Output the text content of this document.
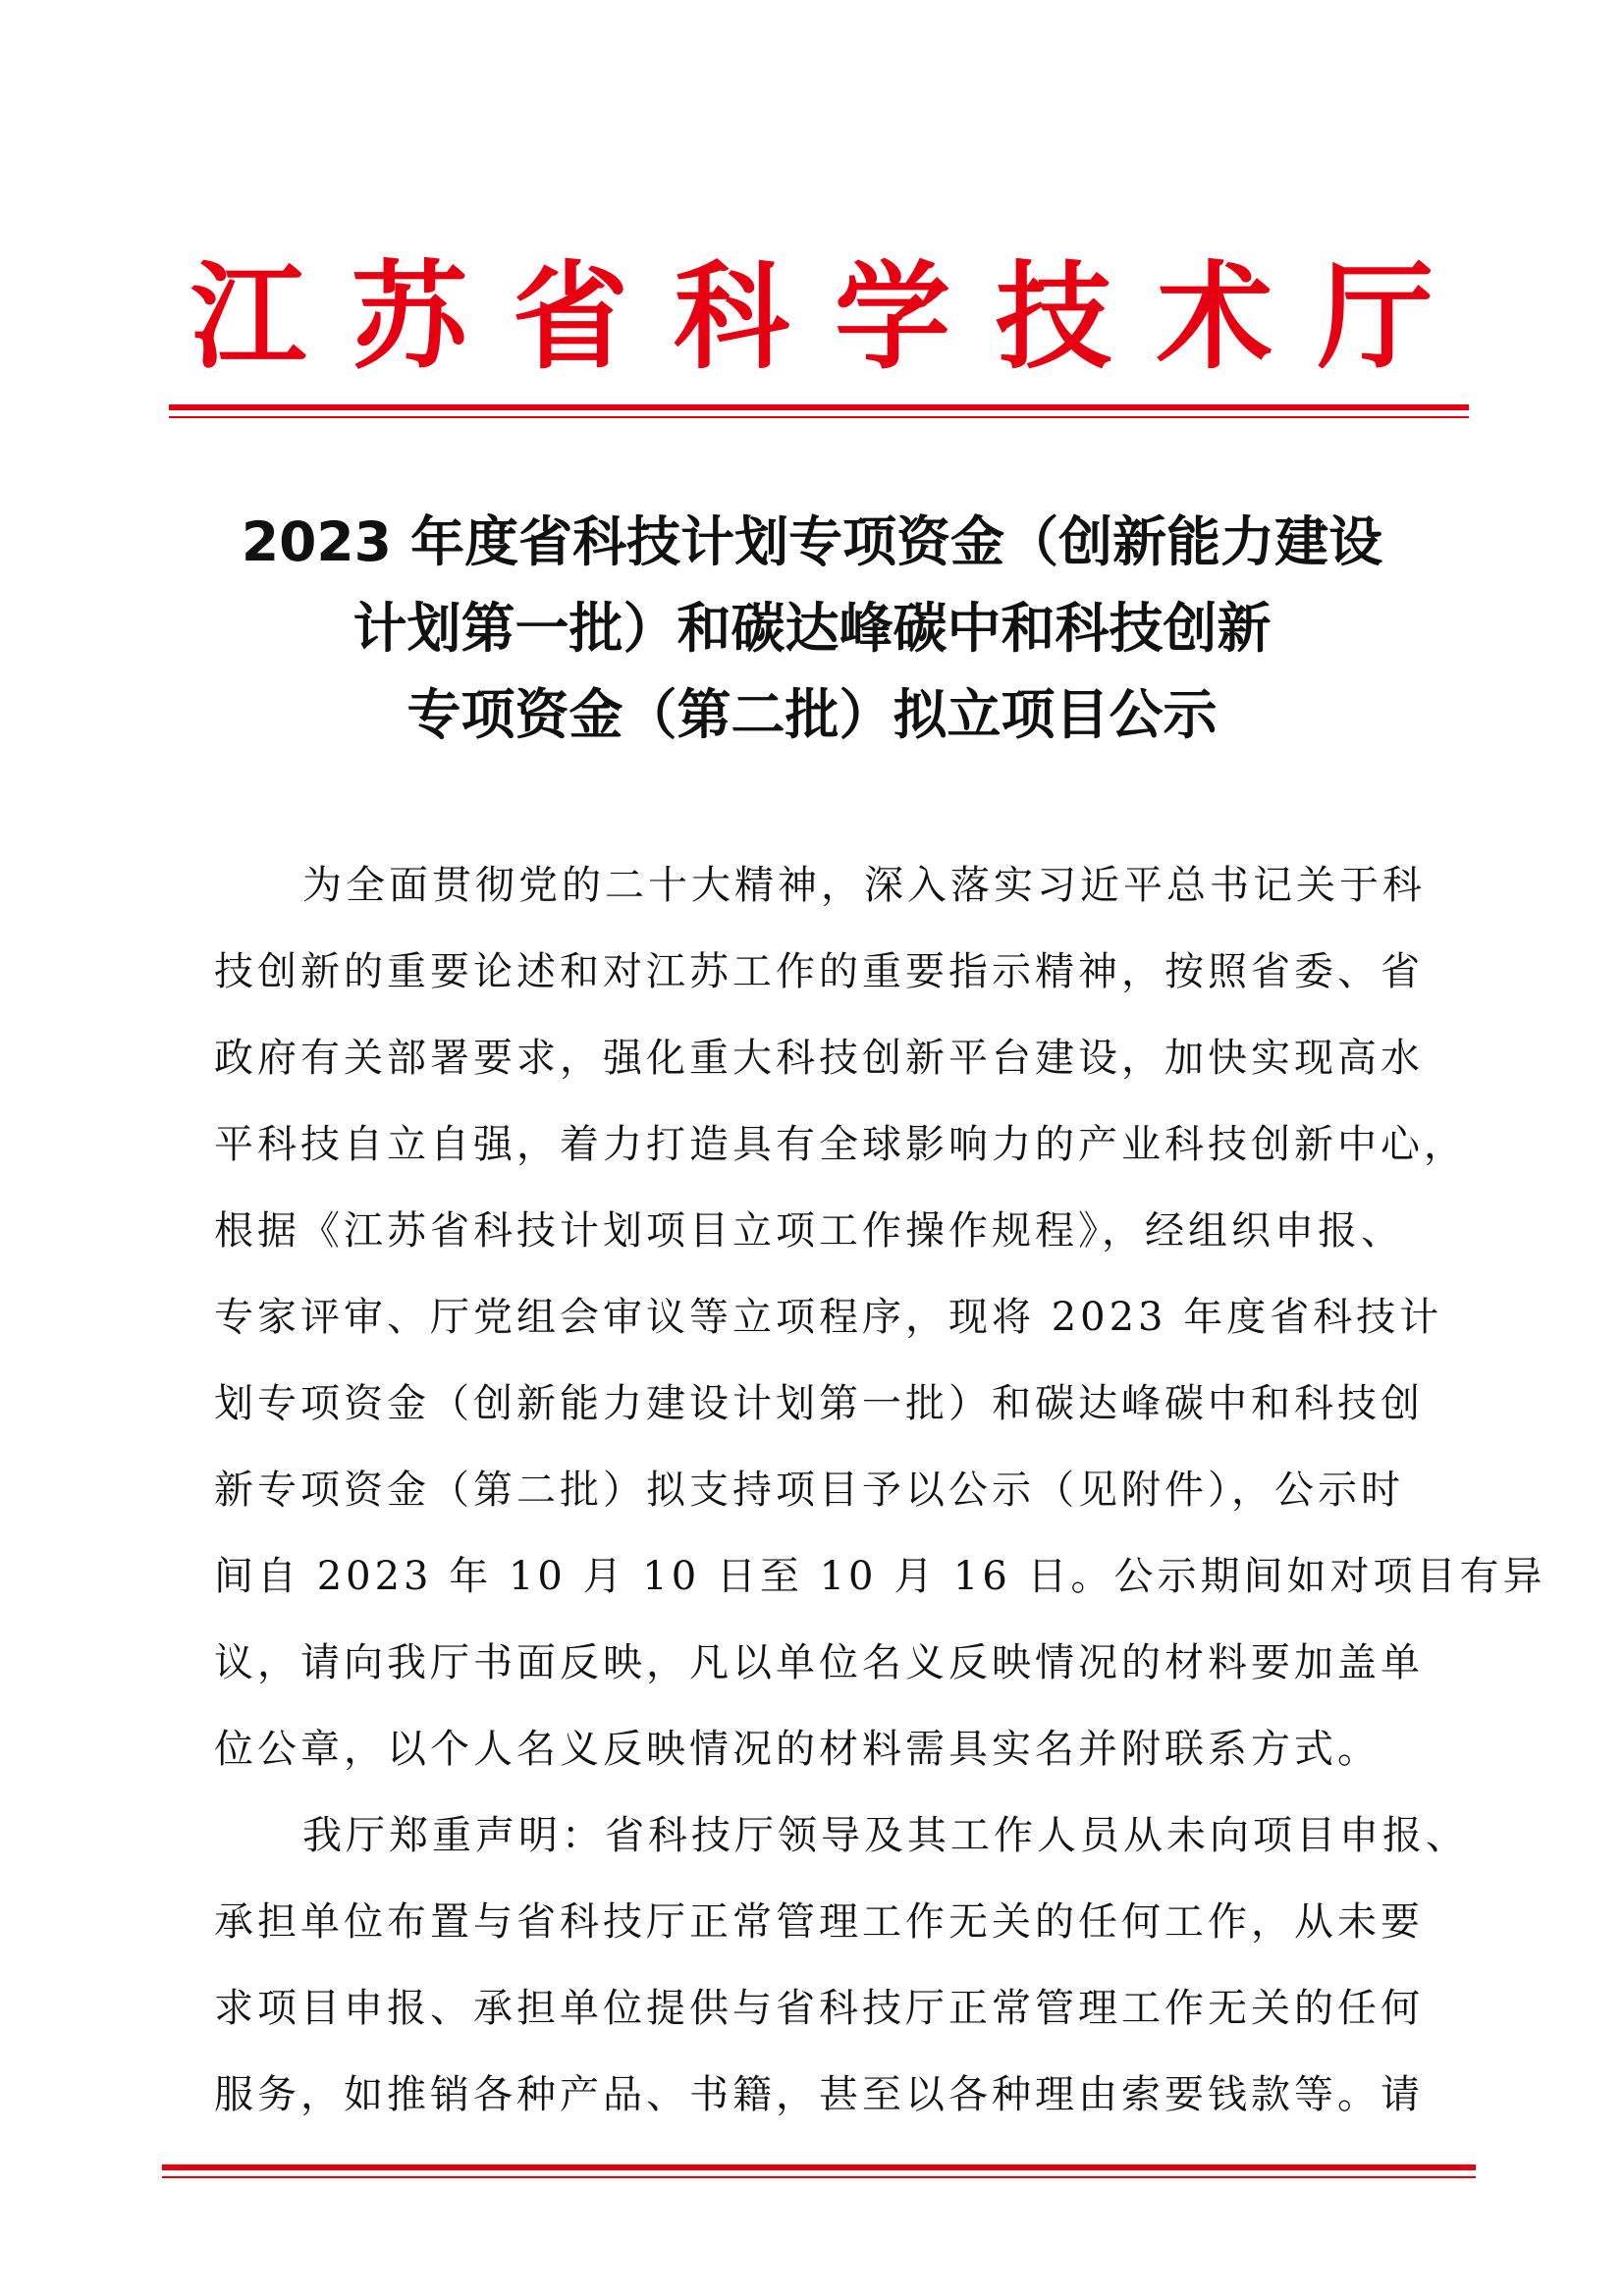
江苏省科学技术厅
2023 年度省科技计划专项资金（创新能力建设
计划第一批）和碳达峰碳中和科技创新
专项资金（第二批）拟立项目公示

为全面贯彻党的二十大精神，深入落实习近平总书记关于科
技创新的重要论述和对江苏工作的重要指示精神，按照省委、省
政府有关部署要求，强化重大科技创新平台建设，加快实现高水
平科技自立自强，着力打造具有全球影响力的产业科技创新中心，
根据《江苏省科技计划项目立项工作操作规程》，经组织申报、
专家评审、厅党组会审议等立项程序，现将 2023 年度省科技计
划专项资金（创新能力建设计划第一批）和碳达峰碳中和科技创
新专项资金（第二批）拟支持项目予以公示（见附件），公示时
间自 2023 年 10 月 10 日至 10 月 16 日。公示期间如对项目有异
议，请向我厅书面反映，凡以单位名义反映情况的材料要加盖单
位公章，以个人名义反映情况的材料需具实名并附联系方式。

我厅郑重声明：省科技厅领导及其工作人员从未向项目申报、
承担单位布置与省科技厅正常管理工作无关的任何工作，从未要
求项目申报、承担单位提供与省科技厅正常管理工作无关的任何
服务，如推销各种产品、书籍，甚至以各种理由索要钱款等。请
